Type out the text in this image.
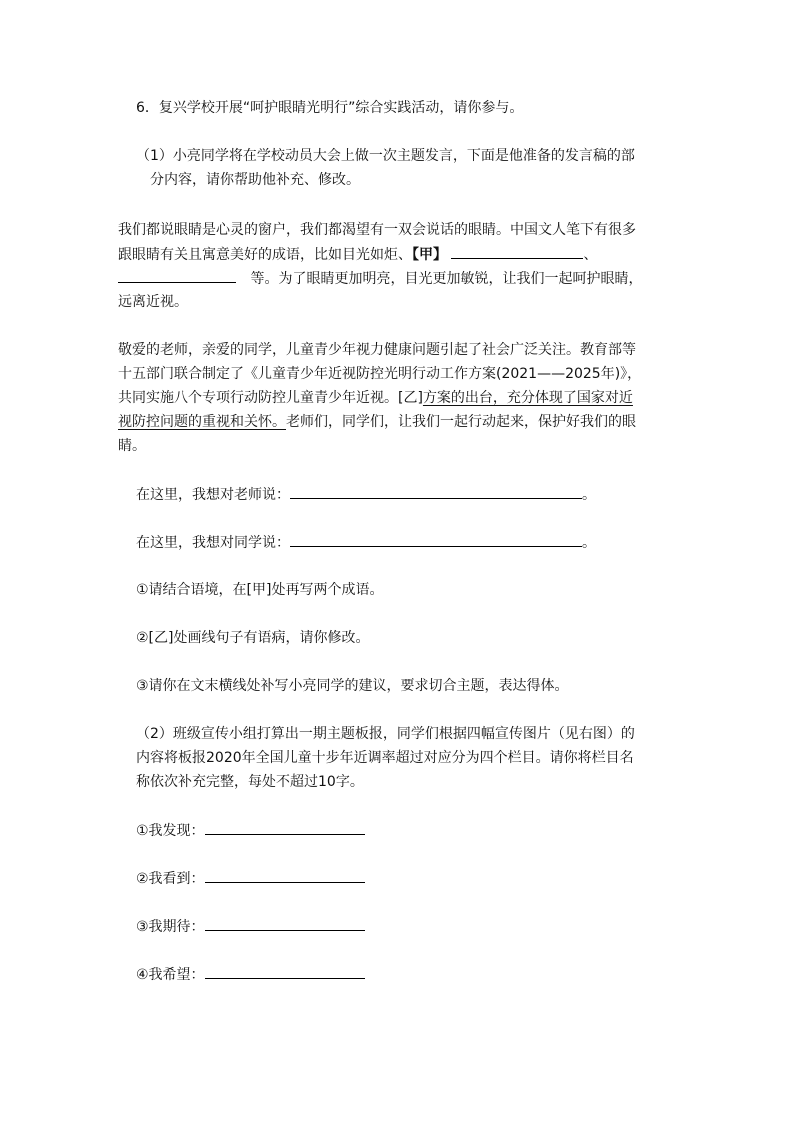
6．复兴学校开展“呵护眼睛光明行”综合实践活动，请你参与。
（1）小亮同学将在学校动员大会上做一次主题发言，下面是他准备的发言稿的部
分内容，请你帮助他补充、修改。
我们都说眼睛是心灵的窗户，我们都渴望有一双会说话的眼睛。中国文人笔下有很多
跟眼睛有关且寓意美好的成语，比如目光如炬、【甲】	、
等。为了眼睛更加明亮，目光更加敏锐，让我们一起呵护眼睛，
远离近视。
敬爱的老师，亲爱的同学，儿童青少年视力健康问题引起了社会广泛关注。教育部等
十五部门联合制定了《儿童青少年近视防控光明行动工作方案(2021——2025年)》，
共同实施八个专项行动防控儿童青少年近视。[乙]方案的出台，充分体现了国家对近
视防控问题的重视和关怀。老师们，同学们，让我们一起行动起来，保护好我们的眼
睛。
在这里，我想对老师说：	。
在这里，我想对同学说：	。
①请结合语境，在[甲]处再写两个成语。
②[乙]处画线句子有语病，请你修改。
③请你在文末横线处补写小亮同学的建议，要求切合主题，表达得体。
（2）班级宣传小组打算出一期主题板报，同学们根据四幅宣传图片（见右图）的
内容将板报2020年全国儿童十步年近调率超过对应分为四个栏目。请你将栏目名
称依次补充完整，每处不超过10字。
①我发现：
②我看到：
③我期待：
④我希望：
